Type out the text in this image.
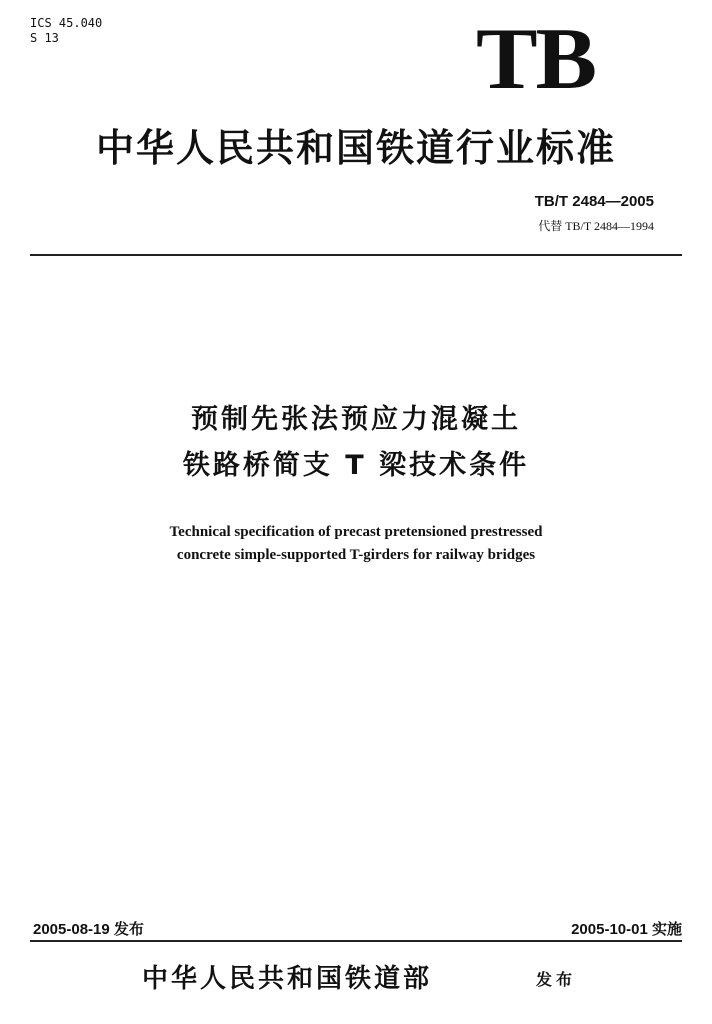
ICS 45.040
S 13	TB
中华人民共和国铁道行业标准
TB/T 2484—2005
代替 TB/T 2484—1994
预制先张法预应力混凝土
铁路桥简支 T 梁技术条件
Technical specification of precast pretensioned prestressed
concrete simple-supported T-girders for railway bridges
2005-08-19 发布	2005-10-01 实施
中华人民共和国铁道部	发布
